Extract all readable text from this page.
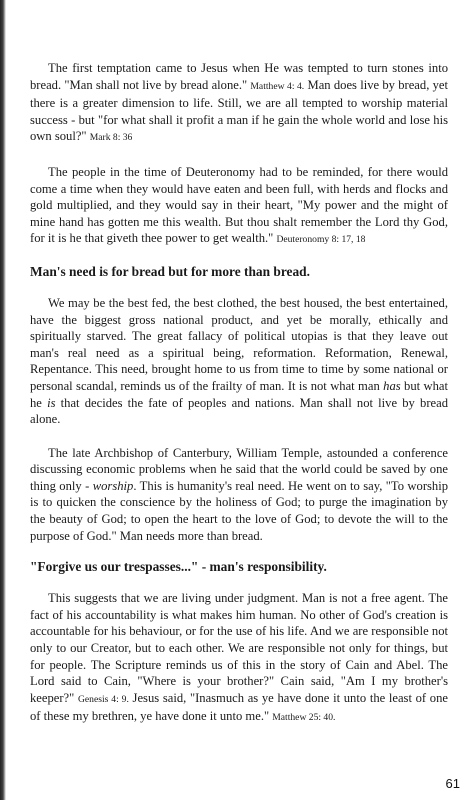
The first temptation came to Jesus when He was tempted to turn stones into bread. "Man shall not live by bread alone." Matthew 4: 4. Man does live by bread, yet there is a greater dimension to life. Still, we are all tempted to worship material success - but "for what shall it profit a man if he gain the whole world and lose his own soul?" Mark 8: 36

The people in the time of Deuteronomy had to be reminded, for there would come a time when they would have eaten and been full, with herds and flocks and gold multiplied, and they would say in their heart, "My power and the might of mine hand has gotten me this wealth. But thou shalt remember the Lord thy God, for it is he that giveth thee power to get wealth." Deuteronomy 8: 17, 18

Man's need is for bread but for more than bread.

We may be the best fed, the best clothed, the best housed, the best entertained, have the biggest gross national product, and yet be morally, ethically and spiritually starved. The great fallacy of political utopias is that they leave out man's real need as a spiritual being, reformation. Reformation, Renewal, Repentance. This need, brought home to us from time to time by some national or personal scandal, reminds us of the frailty of man. It is not what man has but what he is that decides the fate of peoples and nations. Man shall not live by bread alone.

The late Archbishop of Canterbury, William Temple, astounded a conference discussing economic problems when he said that the world could be saved by one thing only - worship. This is humanity's real need. He went on to say, "To worship is to quicken the conscience by the holiness of God; to purge the imagination by the beauty of God; to open the heart to the love of God; to devote the will to the purpose of God." Man needs more than bread.

"Forgive us our trespasses..." - man's responsibility.

This suggests that we are living under judgment. Man is not a free agent. The fact of his accountability is what makes him human. No other of God's creation is accountable for his behaviour, or for the use of his life. And we are responsible not only to our Creator, but to each other. We are responsible not only for things, but for people. The Scripture reminds us of this in the story of Cain and Abel. The Lord said to Cain, "Where is your brother?" Cain said, "Am I my brother's keeper?" Genesis 4: 9. Jesus said, "Inasmuch as ye have done it unto the least of one of these my brethren, ye have done it unto me." Matthew 25: 40.

61
